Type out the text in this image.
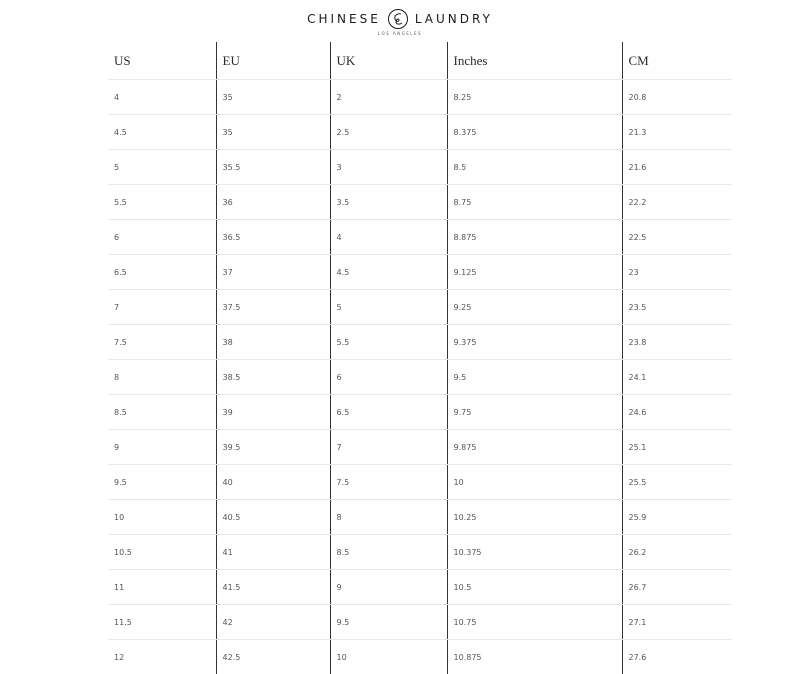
CHINESE	LAUNDRY
LOS ANGELES
US	EU	UK	Inches	CM
4	35	2	8.25	20.8
4.5	35	2.5	8.375	21.3
5	35.5	3	8.5	21.6
5.5	36	3.5	8.75	22.2
6	36.5	4	8.875	22.5
6.5	37	4.5	9.125	23
7	37.5	5	9.25	23.5
7.5	38	5.5	9.375	23.8
8	38.5	6	9.5	24.1
8.5	39	6.5	9.75	24.6
9	39.5	7	9.875	25.1
9.5	40	7.5	10	25.5
10	40.5	8	10.25	25.9
10.5	41	8.5	10.375	26.2
11	41.5	9	10.5	26.7
11.5	42	9.5	10.75	27.1
12	42.5	10	10.875	27.6
